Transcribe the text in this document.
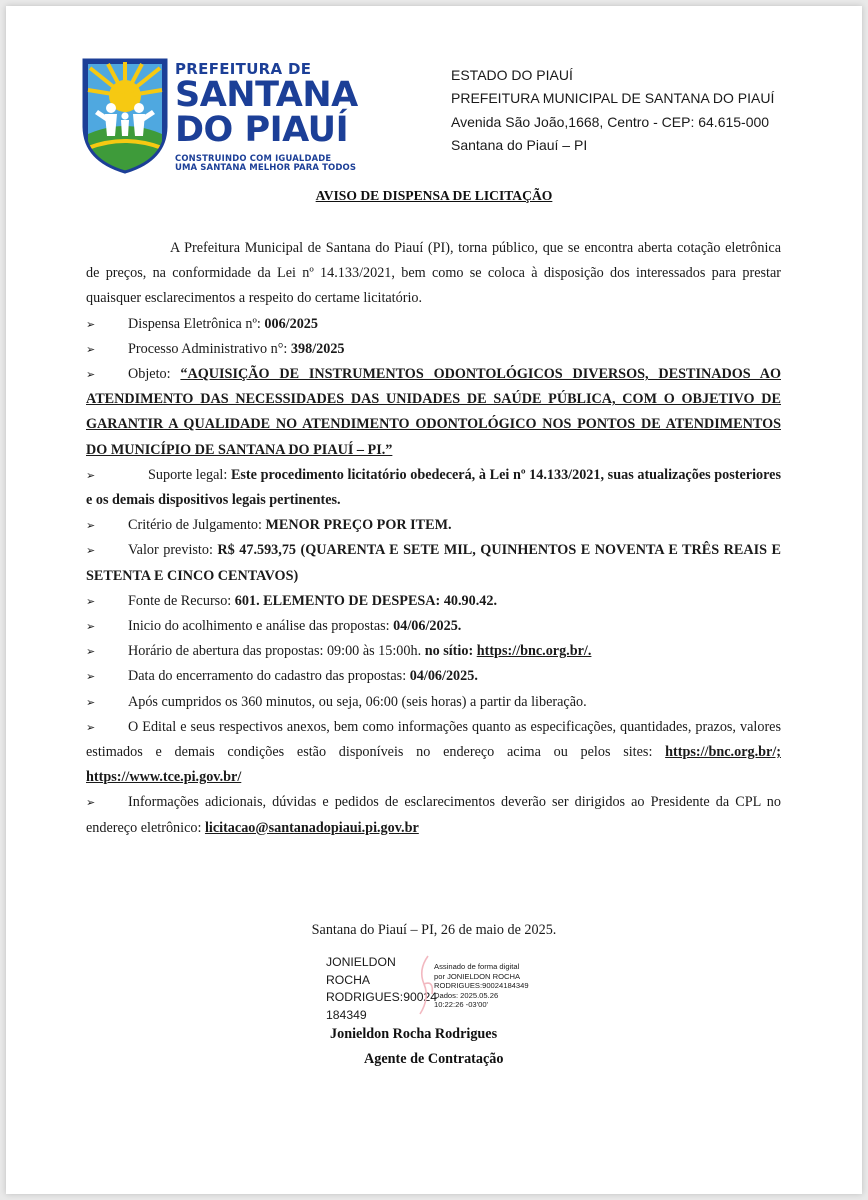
PREFEITURA DE
SANTANA
DO PIAUÍ
CONSTRUINDO COM IGUALDADE
UMA SANTANA MELHOR PARA TODOS
ESTADO DO PIAUÍ
PREFEITURA MUNICIPAL DE SANTANA DO PIAUÍ
Avenida São João,1668, Centro - CEP: 64.615-000
Santana do Piauí – PI
AVISO DE DISPENSA DE LICITAÇÃO

A Prefeitura Municipal de Santana do Piauí (PI), torna público, que se encontra aberta cotação eletrônica de preços, na conformidade da Lei nº 14.133/2021, bem como se coloca à disposição dos interessados para prestar quaisquer esclarecimentos a respeito do certame licitatório.

➢	Dispensa Eletrônica nº: 006/2025

➢	Processo Administrativo n°: 398/2025

➢	Objeto: “AQUISIÇÃO DE INSTRUMENTOS ODONTOLÓGICOS DIVERSOS, DESTINADOS AO ATENDIMENTO DAS NECESSIDADES DAS UNIDADES DE SAÚDE PÚBLICA, COM O OBJETIVO DE GARANTIR A QUALIDADE NO ATENDIMENTO ODONTOLÓGICO NOS PONTOS DE ATENDIMENTOS DO MUNICÍPIO DE SANTANA DO PIAUÍ – PI.”

➢	Suporte legal: Este procedimento licitatório obedecerá, à Lei nº 14.133/2021, suas atualizações posteriores e os demais dispositivos legais pertinentes.

➢	Critério de Julgamento: MENOR PREÇO POR ITEM.

➢	Valor previsto: R$ 47.593,75 (QUARENTA E SETE MIL, QUINHENTOS E NOVENTA E TRÊS REAIS E SETENTA E CINCO CENTAVOS)

➢	Fonte de Recurso: 601. ELEMENTO DE DESPESA: 40.90.42.

➢	Inicio do acolhimento e análise das propostas: 04/06/2025.

➢	Horário de abertura das propostas: 09:00 às 15:00h. no sítio: https://bnc.org.br/.

➢	Data do encerramento do cadastro das propostas: 04/06/2025.

➢	Após cumpridos os 360 minutos, ou seja, 06:00 (seis horas) a partir da liberação.

➢	O Edital e seus respectivos anexos, bem como informações quanto as especificações, quantidades, prazos, valores estimados e demais condições estão disponíveis no endereço acima ou pelos sites: https://bnc.org.br/; https://www.tce.pi.gov.br/

➢	Informações adicionais, dúvidas e pedidos de esclarecimentos deverão ser dirigidos ao Presidente da CPL no endereço eletrônico: licitacao@santanadopiaui.pi.gov.br

Santana do Piauí – PI, 26 de maio de 2025.
JONIELDON
ROCHA
RODRIGUES:90024
184349
Assinado de forma digital
por JONIELDON ROCHA
RODRIGUES:90024184349
Dados: 2025.05.26
10:22:26 -03'00'
Jonieldon Rocha Rodrigues
Agente de Contratação
